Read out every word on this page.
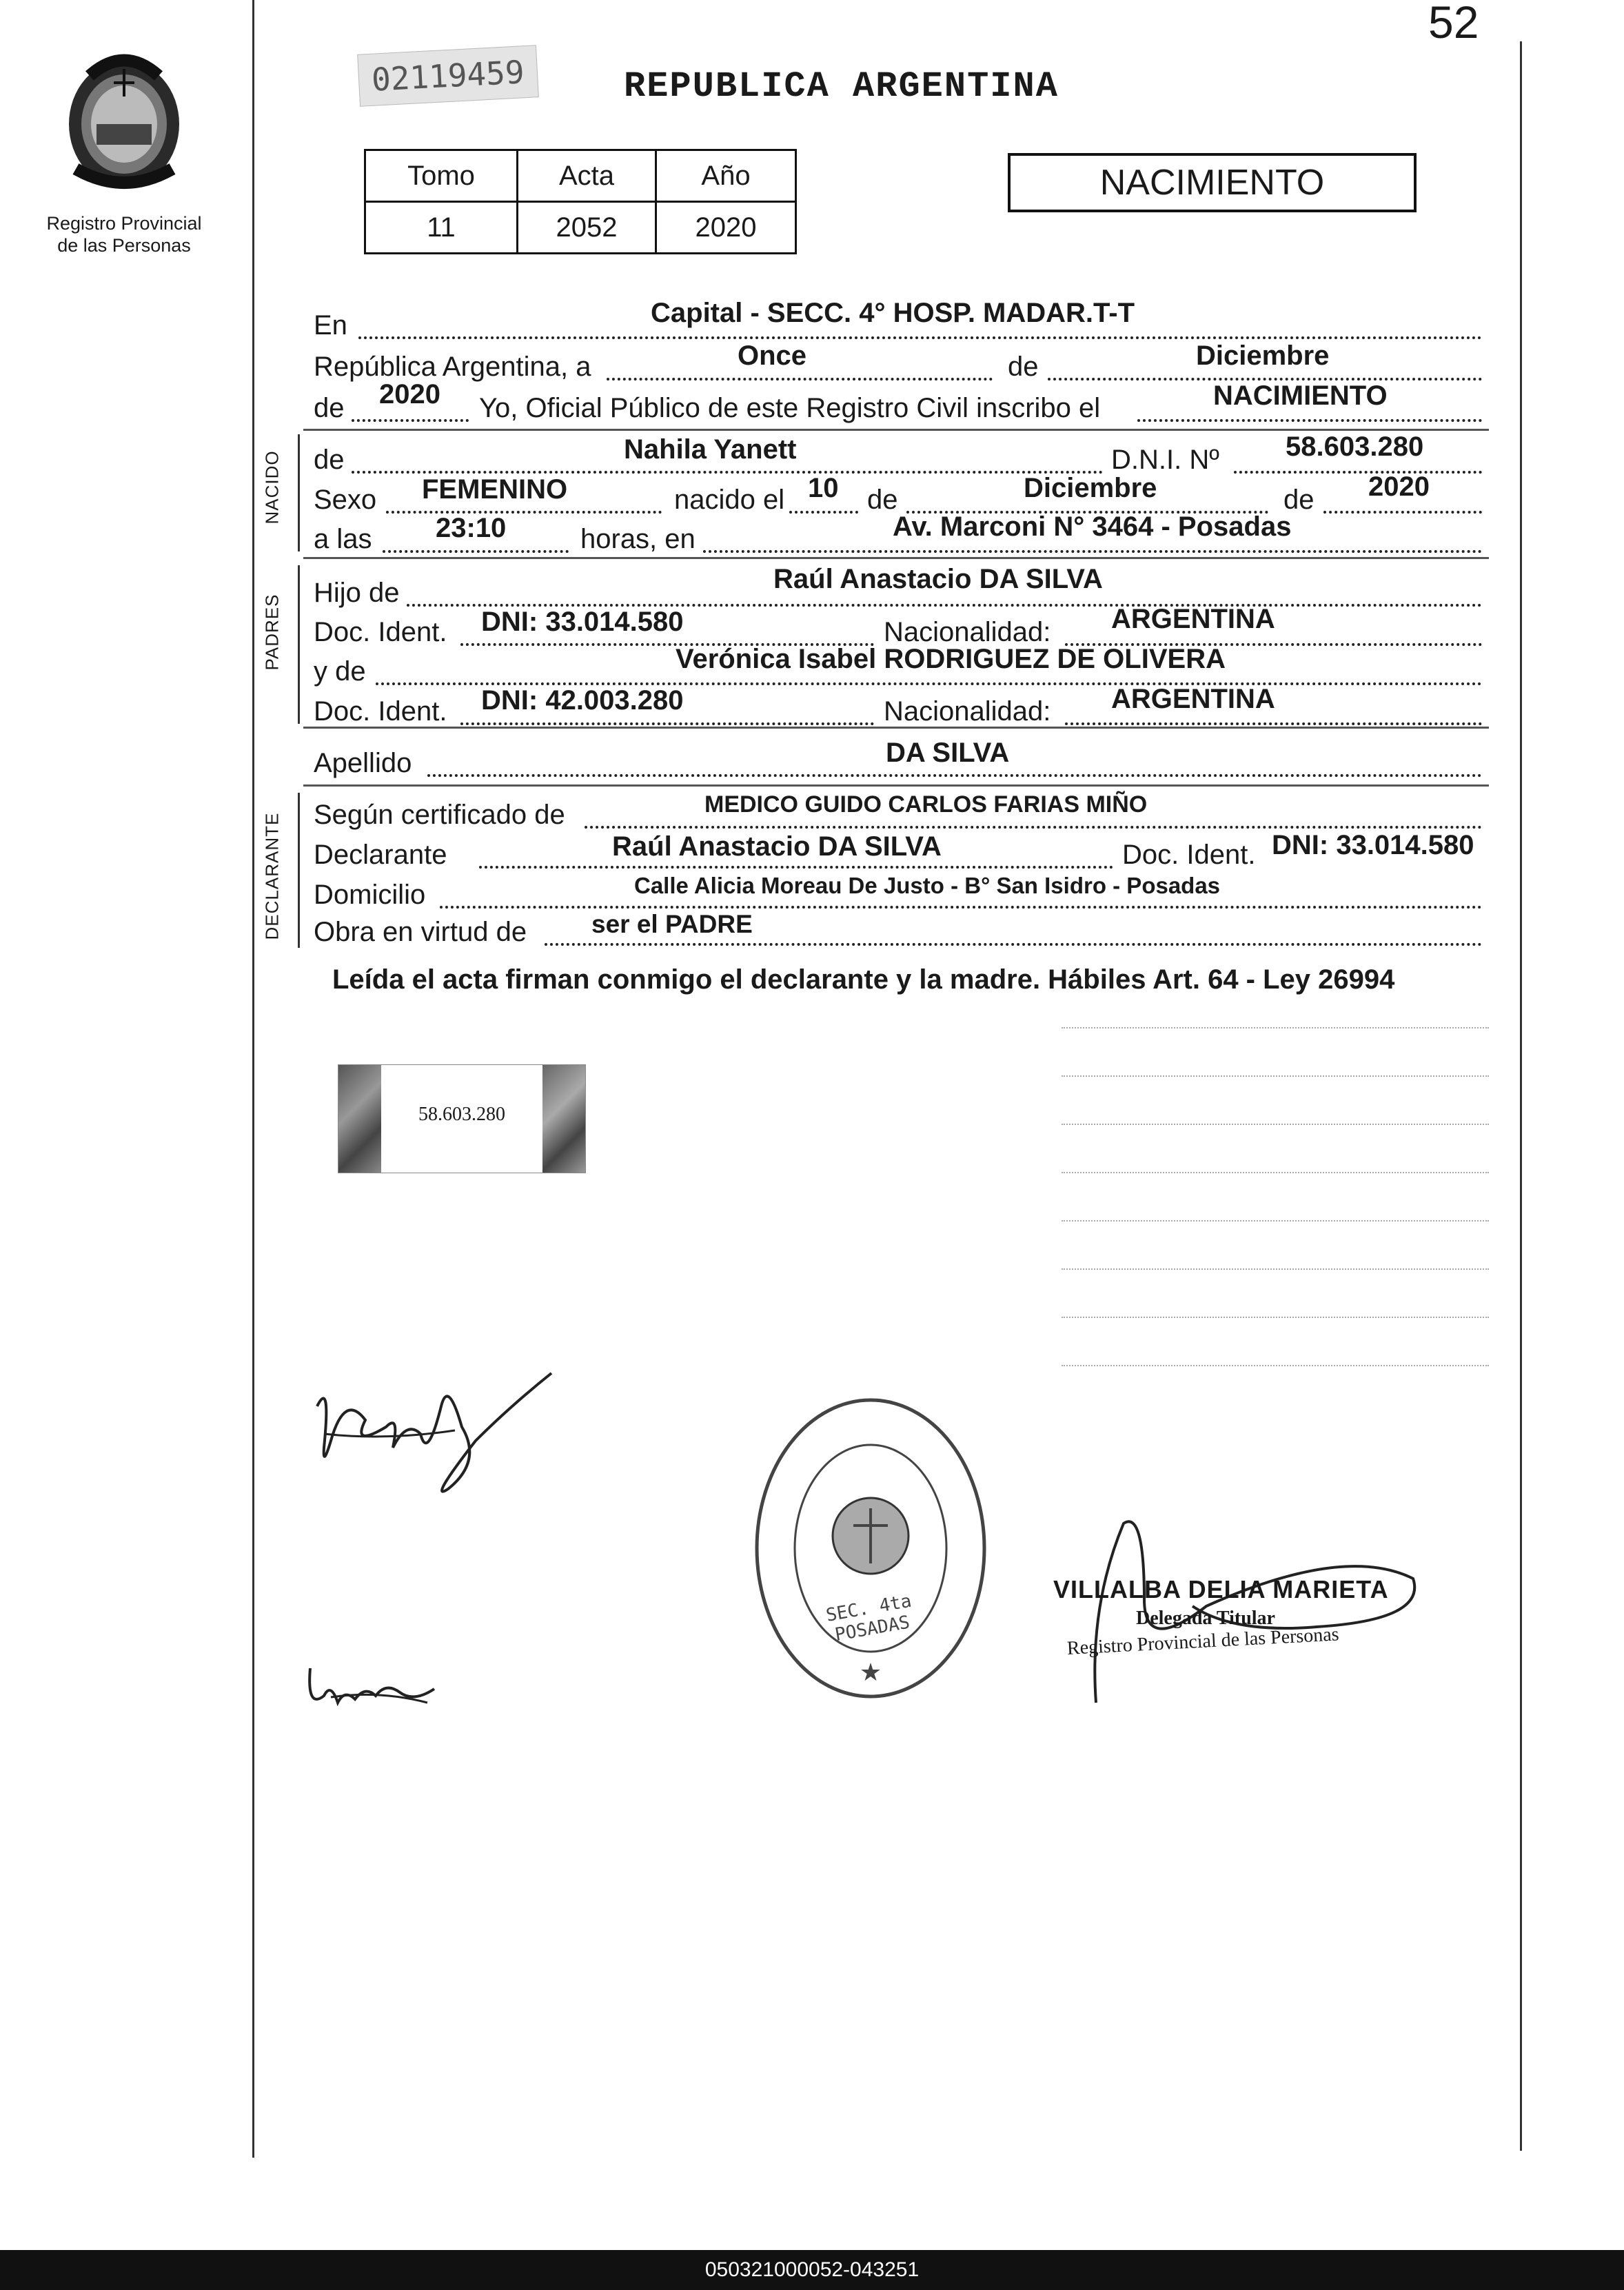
52
Registro Provincial
de las Personas
02119459	REPUBLICA ARGENTINA
Tomo	Acta	Año
11	2052	2020
NACIMIENTO
En	Capital - SECC. 4° HOSP. MADAR.T-T
República Argentina, a	Once	de	Diciembre
de 2020 Yo, Oficial Público de este Registro Civil inscribo el	NACIMIENTO
NACIDO de	Nahila Yanett	D.N.I. Nº 58.603.280
Sexo FEMENINO	nacido el 10 de	Diciembre	de 2020
a las 23:10	horas, en	Av. Marconi N° 3464 - Posadas
PADRES
Hijo de	Raúl Anastacio DA SILVA
Doc. Ident. DNI: 33.014.580	Nacionalidad: ARGENTINA
y de	Verónica Isabel RODRIGUEZ DE OLIVERA
Doc. Ident. DNI: 42.003.280	Nacionalidad: ARGENTINA
Apellido	DA SILVA
DECLARANTE Según certificado de	MEDICO GUIDO CARLOS FARIAS MIÑO
Declarante	Raúl Anastacio DA SILVA	Doc. Ident. DNI: 33.014.580
Domicilio	Calle Alicia Moreau De Justo - B° San Isidro - Posadas
Obra en virtud de	ser el PADRE
Leída el acta firman conmigo el declarante y la madre. Hábiles Art. 64 - Ley 26994
58.603.280
★
SEC. 4ta POSADAS
VILLALBA DELIA MARIETA
Delegada Titular
Registro Provincial de las Personas
050321000052-043251
